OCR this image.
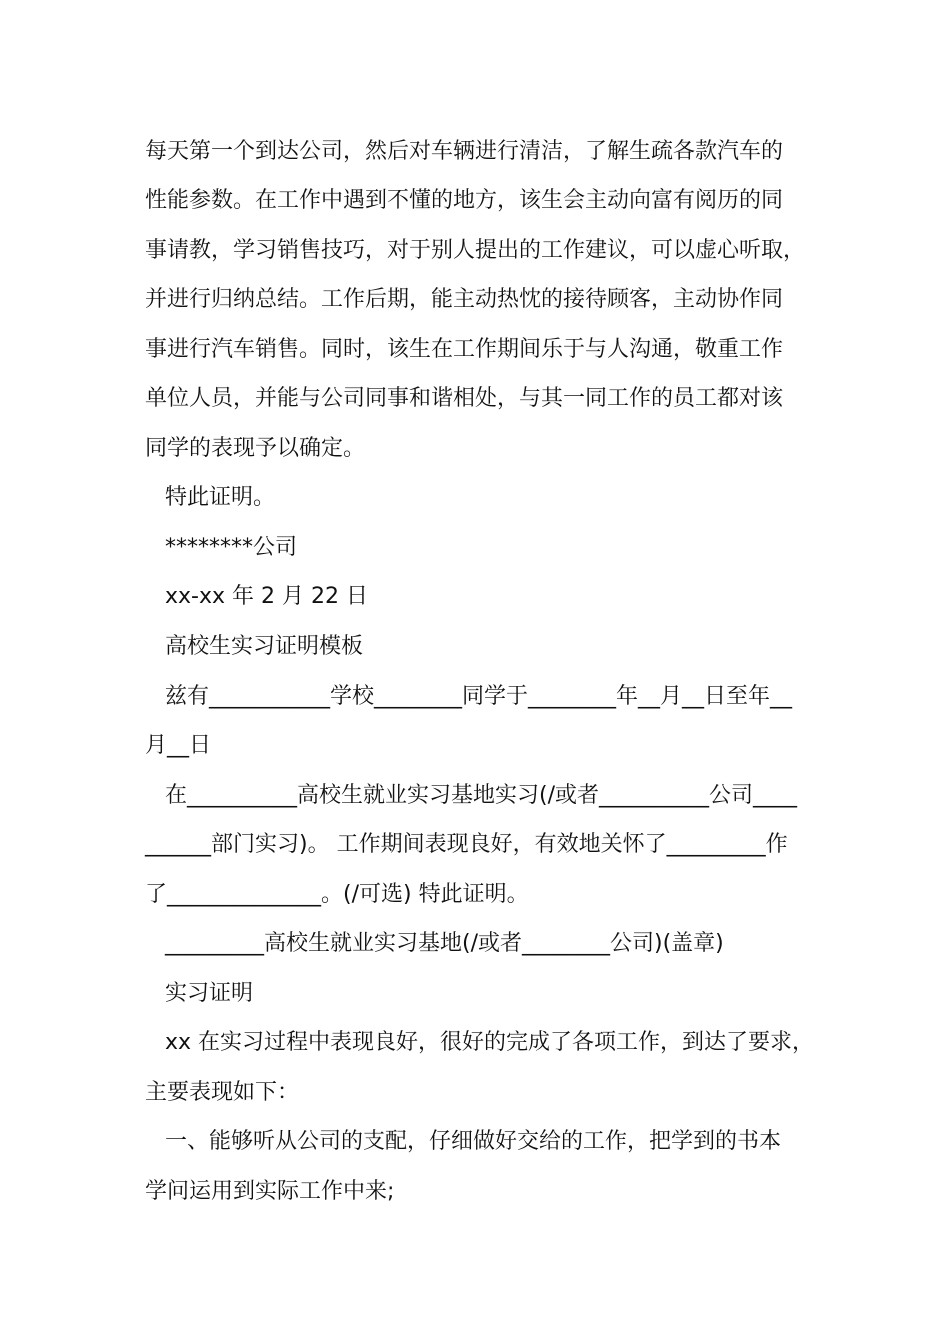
每天第一个到达公司，然后对车辆进行清洁，了解生疏各款汽车的
性能参数。在工作中遇到不懂的地方，该生会主动向富有阅历的同
事请教，学习销售技巧，对于别人提出的工作建议，可以虚心听取，
并进行归纳总结。工作后期，能主动热忱的接待顾客，主动协作同
事进行汽车销售。同时，该生在工作期间乐于与人沟通，敬重工作
单位人员，并能与公司同事和谐相处，与其一同工作的员工都对该
同学的表现予以确定。
特此证明。
********公司
xx-xx 年 2 月 22 日
高校生实习证明模板
兹有___________学校________同学于________年__月__日至年__
月__日
在__________高校生就业实习基地实习(/或者__________公司____
______部门实习)。 工作期间表现良好，有效地关怀了_________作
了______________。(/可选) 特此证明。
_________高校生就业实习基地(/或者________公司)(盖章)
实习证明
xx 在实习过程中表现良好，很好的完成了各项工作，到达了要求，
主要表现如下：
一、能够听从公司的支配，仔细做好交给的工作，把学到的书本
学问运用到实际工作中来;
